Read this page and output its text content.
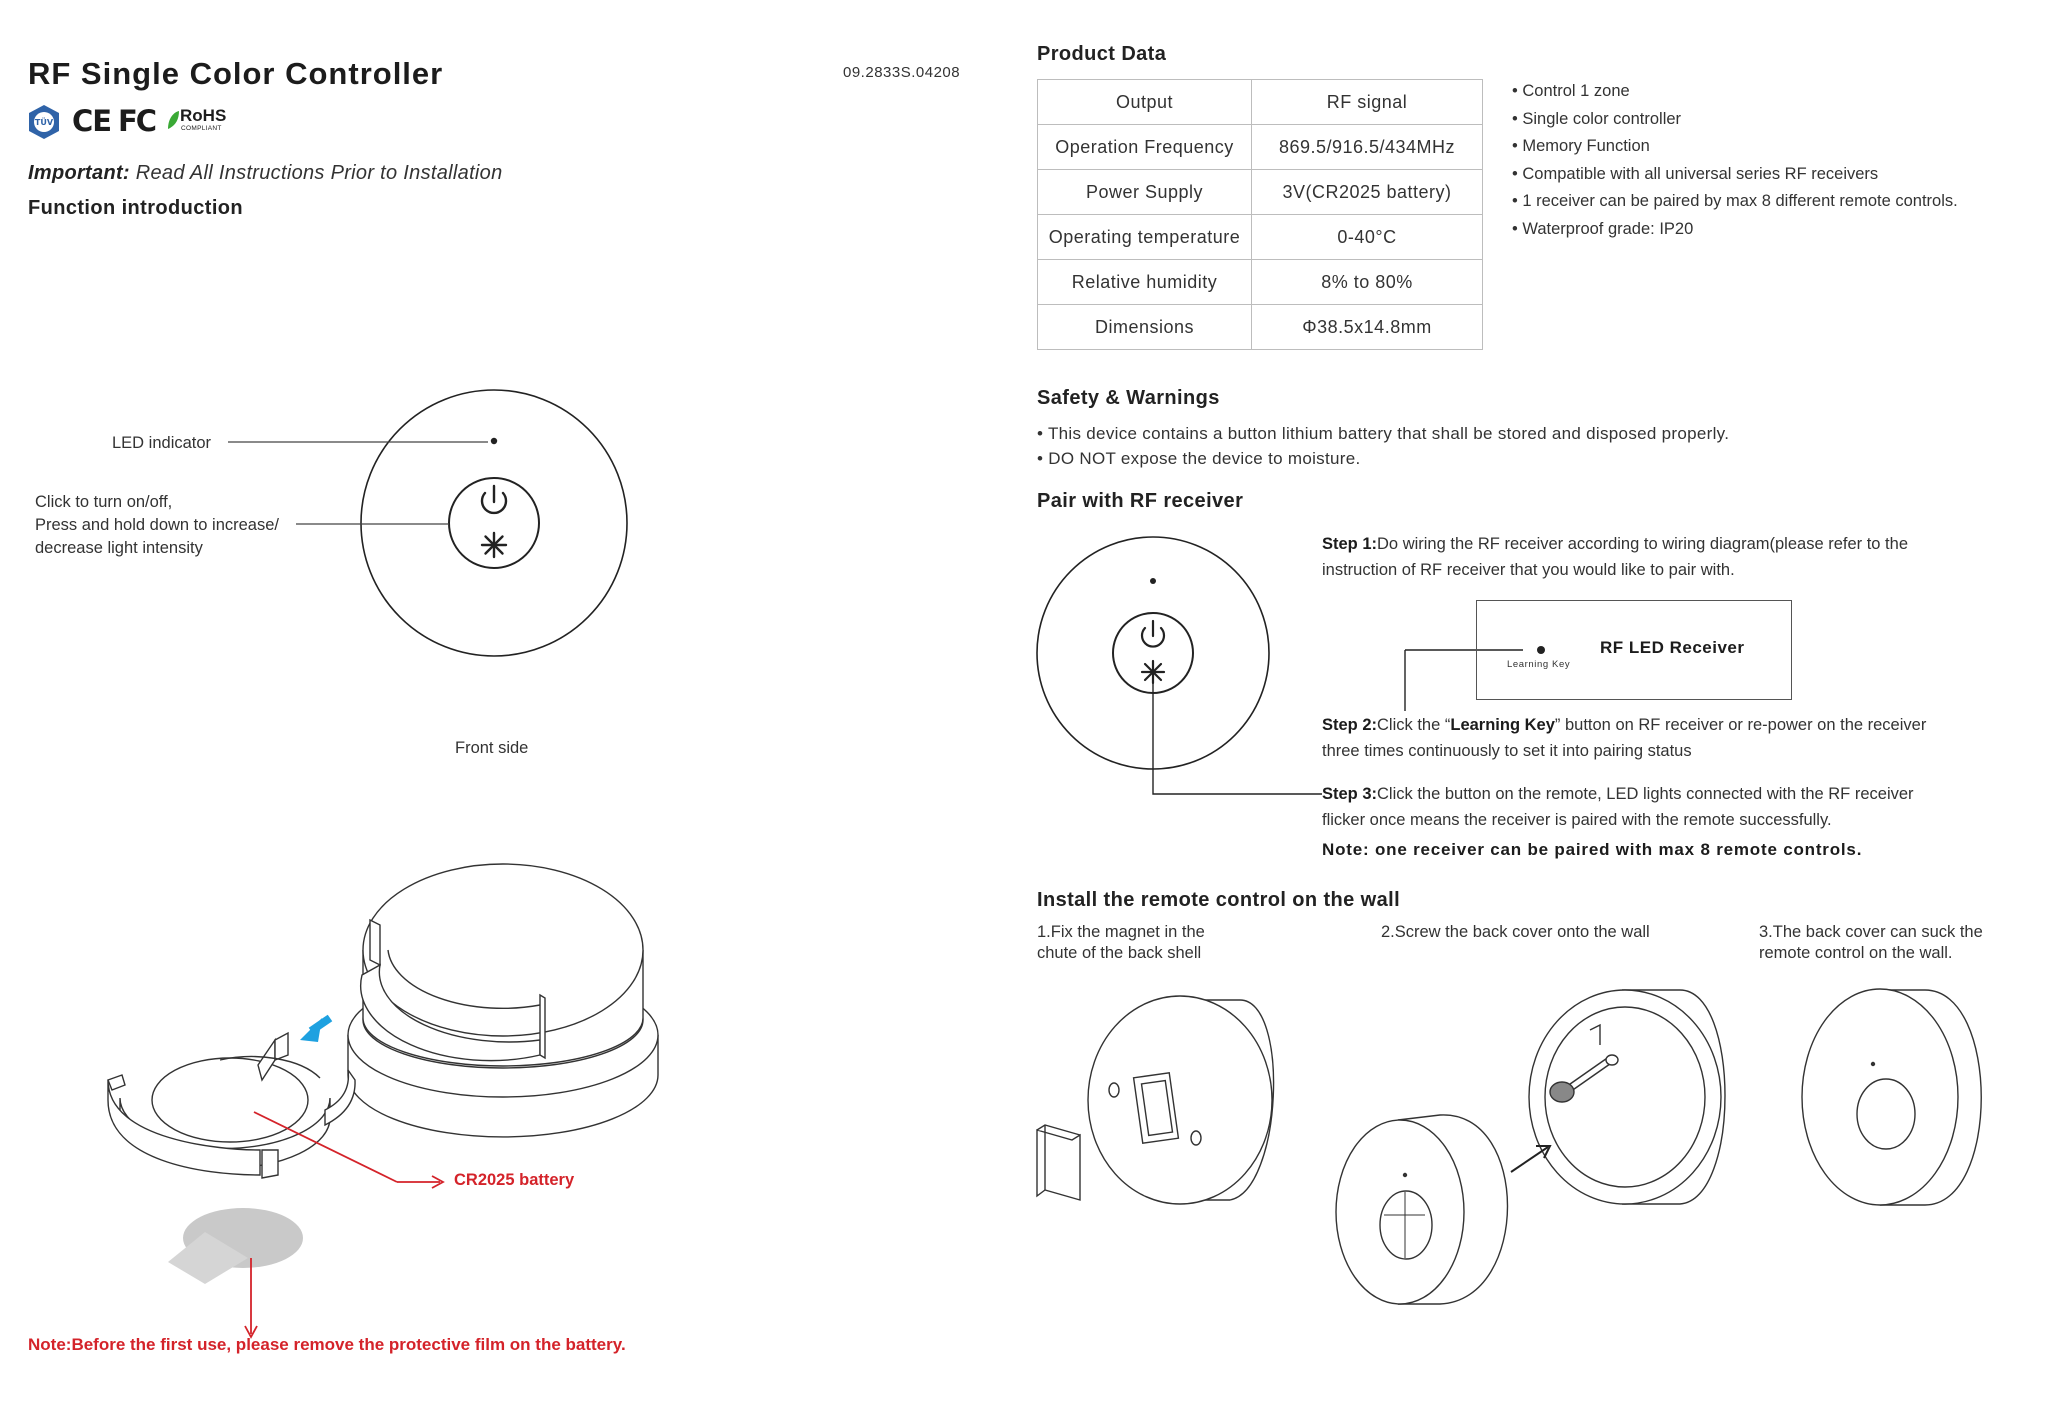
RF Single Color Controller	09.2833S.04208
TÜV CE FC RoHS
COMPLIANT
Important: Read All Instructions Prior to Installation
Function introduction
LED indicator
Click to turn on/off,
Press and hold down to increase/
decrease light intensity
Front side
CR2025 battery
Note:Before the first use, please remove the protective film on the battery.
Product Data
Output	RF signal
Operation Frequency	869.5/916.5/434MHz
Power Supply	3V(CR2025 battery)
Operating temperature	0-40°C
Relative humidity	8% to 80%
Dimensions	Φ38.5x14.8mm
• Control 1 zone
• Single color controller
• Memory Function
• Compatible with all universal series RF receivers
• 1 receiver can be paired by max 8 different remote controls.
• Waterproof grade: IP20
Safety & Warnings
• This device contains a button lithium battery that shall be stored and disposed properly.
• DO NOT expose the device to moisture.
Pair with RF receiver
Step 1:Do wiring the RF receiver according to wiring diagram(please refer to the
instruction of RF receiver that you would like to pair with.
RF LED Receiver
Learning Key
Step 2:Click the “Learning Key” button on RF receiver or re-power on the receiver
three times continuously to set it into pairing status
Step 3:Click the button on the remote, LED lights connected with the RF receiver
flicker once means the receiver is paired with the remote successfully.
Note: one receiver can be paired with max 8 remote controls.
Install the remote control on the wall
1.Fix the magnet in the
chute of the back shell
2.Screw the back cover onto the wall	3.The back cover can suck the
remote control on the wall.
